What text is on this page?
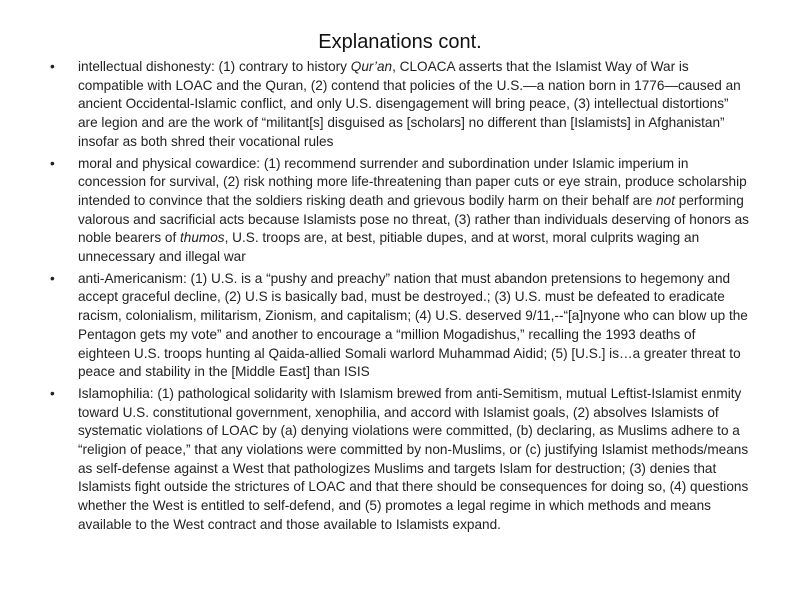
Explanations cont.
•	intellectual dishonesty: (1) contrary to history Qur’an, CLOACA asserts that the Islamist Way of War is compatible with LOAC and the Quran, (2) contend that policies of the U.S.—a nation born in 1776—caused an ancient Occidental-Islamic conflict, and only U.S. disengagement will bring peace, (3) intellectual distortions” are legion and are the work of “militant[s] disguised as [scholars] no different than [Islamists] in Afghanistan” insofar as both shred their vocational rules
•	moral and physical cowardice: (1) recommend surrender and subordination under Islamic imperium in concession for survival, (2) risk nothing more life-threatening than paper cuts or eye strain, produce scholarship intended to convince that the soldiers risking death and grievous bodily harm on their behalf are not performing valorous and sacrificial acts because Islamists pose no threat, (3) rather than individuals deserving of honors as noble bearers of thumos, U.S. troops are, at best, pitiable dupes, and at worst, moral culprits waging an unnecessary and illegal war
•	anti-Americanism: (1) U.S. is a “pushy and preachy” nation that must abandon pretensions to hegemony and accept graceful decline, (2) U.S is basically bad, must be destroyed.; (3) U.S. must be defeated to eradicate racism, colonialism, militarism, Zionism, and capitalism; (4) U.S. deserved 9/11,--“[a]nyone who can blow up the Pentagon gets my vote” and another to encourage a “million Mogadishus,” recalling the 1993 deaths of eighteen U.S. troops hunting al Qaida-allied Somali warlord Muhammad Aidid; (5) [U.S.] is…a greater threat to peace and stability in the [Middle East] than ISIS
•	Islamophilia: (1) pathological solidarity with Islamism brewed from anti-Semitism, mutual Leftist-Islamist enmity toward U.S. constitutional government, xenophilia, and accord with Islamist goals, (2) absolves Islamists of systematic violations of LOAC by (a) denying violations were committed, (b) declaring, as Muslims adhere to a “religion of peace,” that any violations were committed by non-Muslims, or (c) justifying Islamist methods/means as self-defense against a West that pathologizes Muslims and targets Islam for destruction; (3) denies that Islamists fight outside the strictures of LOAC and that there should be consequences for doing so, (4) questions whether the West is entitled to self-defend, and (5) promotes a legal regime in which methods and means available to the West contract and those available to Islamists expand.
